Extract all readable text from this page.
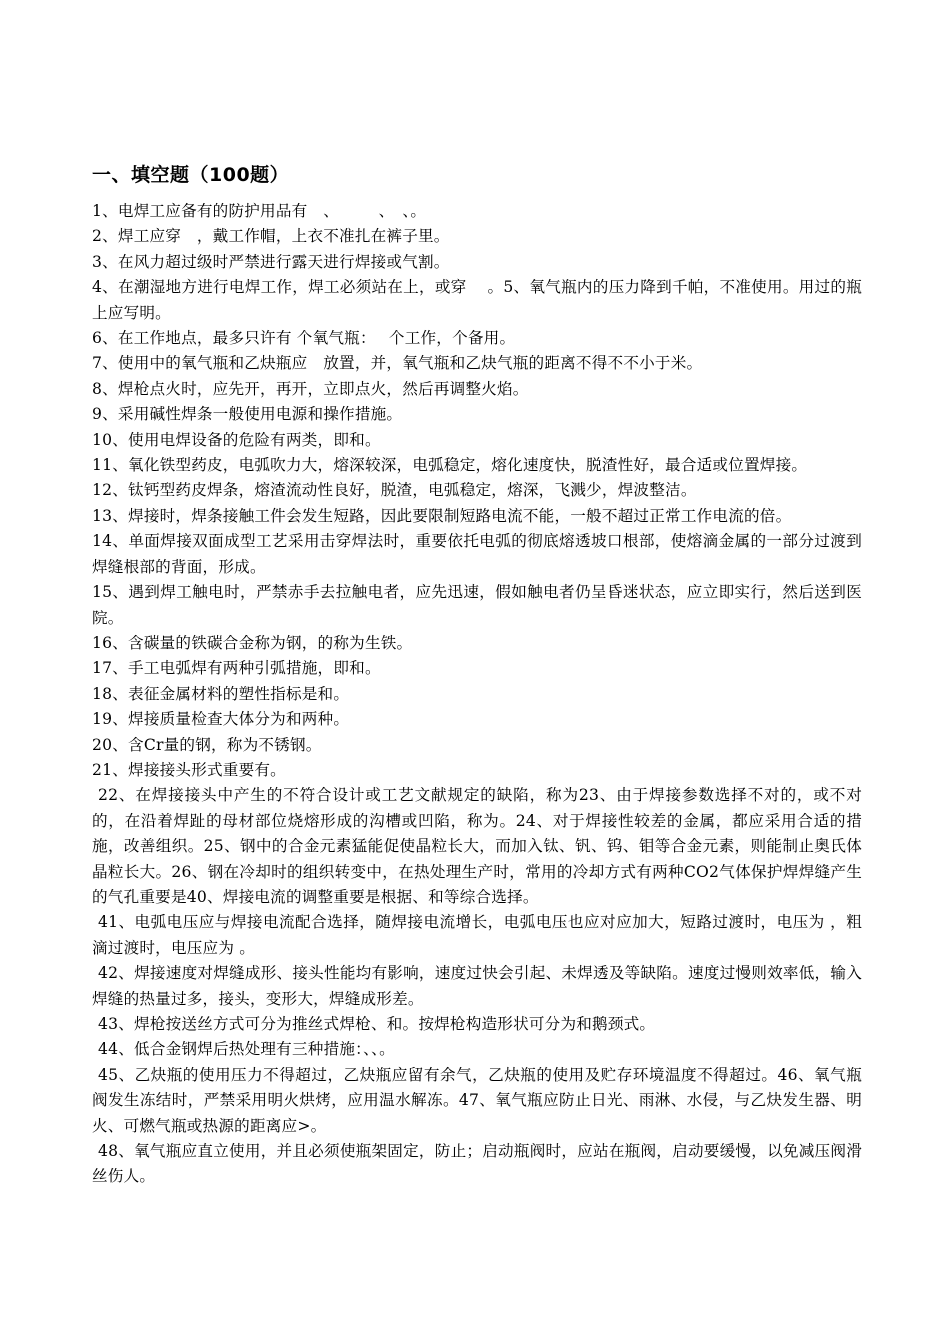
一、填空题（100题）

1、电焊工应备有的防护用品有　、　　　、　、。

2、焊工应穿　，戴工作帽，上衣不准扎在裤子里。

3、在风力超过级时严禁进行露天进行焊接或气割。

4、在潮湿地方进行电焊工作，焊工必须站在上，或穿　 。5、氧气瓶内的压力降到千帕，不准使用。用过的瓶上应写明。

6、在工作地点，最多只许有 个氧气瓶：　 个工作，个备用。

7、使用中的氧气瓶和乙炔瓶应　放置，并，氧气瓶和乙炔气瓶的距离不得不不小于米。

8、焊枪点火时，应先开，再开，立即点火，然后再调整火焰。

9、采用碱性焊条一般使用电源和操作措施。

10、使用电焊设备的危险有两类，即和。

11、氧化铁型药皮，电弧吹力大，熔深较深，电弧稳定，熔化速度快，脱渣性好，最合适或位置焊接。

12、钛钙型药皮焊条，熔渣流动性良好，脱渣，电弧稳定，熔深，飞溅少，焊波整洁。

13、焊接时，焊条接触工件会发生短路，因此要限制短路电流不能，一般不超过正常工作电流的倍。

14、单面焊接双面成型工艺采用击穿焊法时，重要依托电弧的彻底熔透坡口根部，使熔滴金属的一部分过渡到焊缝根部的背面，形成。

15、遇到焊工触电时，严禁赤手去拉触电者，应先迅速，假如触电者仍呈昏迷状态，应立即实行，然后送到医院。

16、含碳量的铁碳合金称为钢，的称为生铁。

17、手工电弧焊有两种引弧措施，即和。

18、表征金属材料的塑性指标是和。

19、焊接质量检查大体分为和两种。

20、含Cr量的钢，称为不锈钢。

21、焊接接头形式重要有。

22、在焊接接头中产生的不符合设计或工艺文献规定的缺陷，称为23、由于焊接参数选择不对的，或不对的，在沿着焊趾的母材部位烧熔形成的沟槽或凹陷，称为。24、对于焊接性较差的金属，都应采用合适的措施，改善组织。25、钢中的合金元素猛能促使晶粒长大，而加入钛、钒、钨、钼等合金元素，则能制止奥氏体晶粒长大。26、钢在冷却时的组织转变中，在热处理生产时，常用的冷却方式有两种CO2气体保护焊焊缝产生的气孔重要是40、焊接电流的调整重要是根据、和等综合选择。

41、电弧电压应与焊接电流配合选择，随焊接电流增长，电弧电压也应对应加大，短路过渡时，电压为 ，粗滴过渡时，电压应为 。

42、焊接速度对焊缝成形、接头性能均有影响，速度过快会引起、未焊透及等缺陷。速度过慢则效率低，输入焊缝的热量过多，接头，变形大，焊缝成形差。

43、焊枪按送丝方式可分为推丝式焊枪、和。按焊枪构造形状可分为和鹅颈式。

44、低合金钢焊后热处理有三种措施：、、。

45、乙炔瓶的使用压力不得超过，乙炔瓶应留有余气，乙炔瓶的使用及贮存环境温度不得超过。46、氧气瓶阀发生冻结时，严禁采用明火烘烤，应用温水解冻。47、氧气瓶应防止日光、雨淋、水侵，与乙炔发生器、明火、可燃气瓶或热源的距离应>。

48、氧气瓶应直立使用，并且必须使瓶架固定，防止；启动瓶阀时，应站在瓶阀，启动要缓慢，以免减压阀滑丝伤人。
